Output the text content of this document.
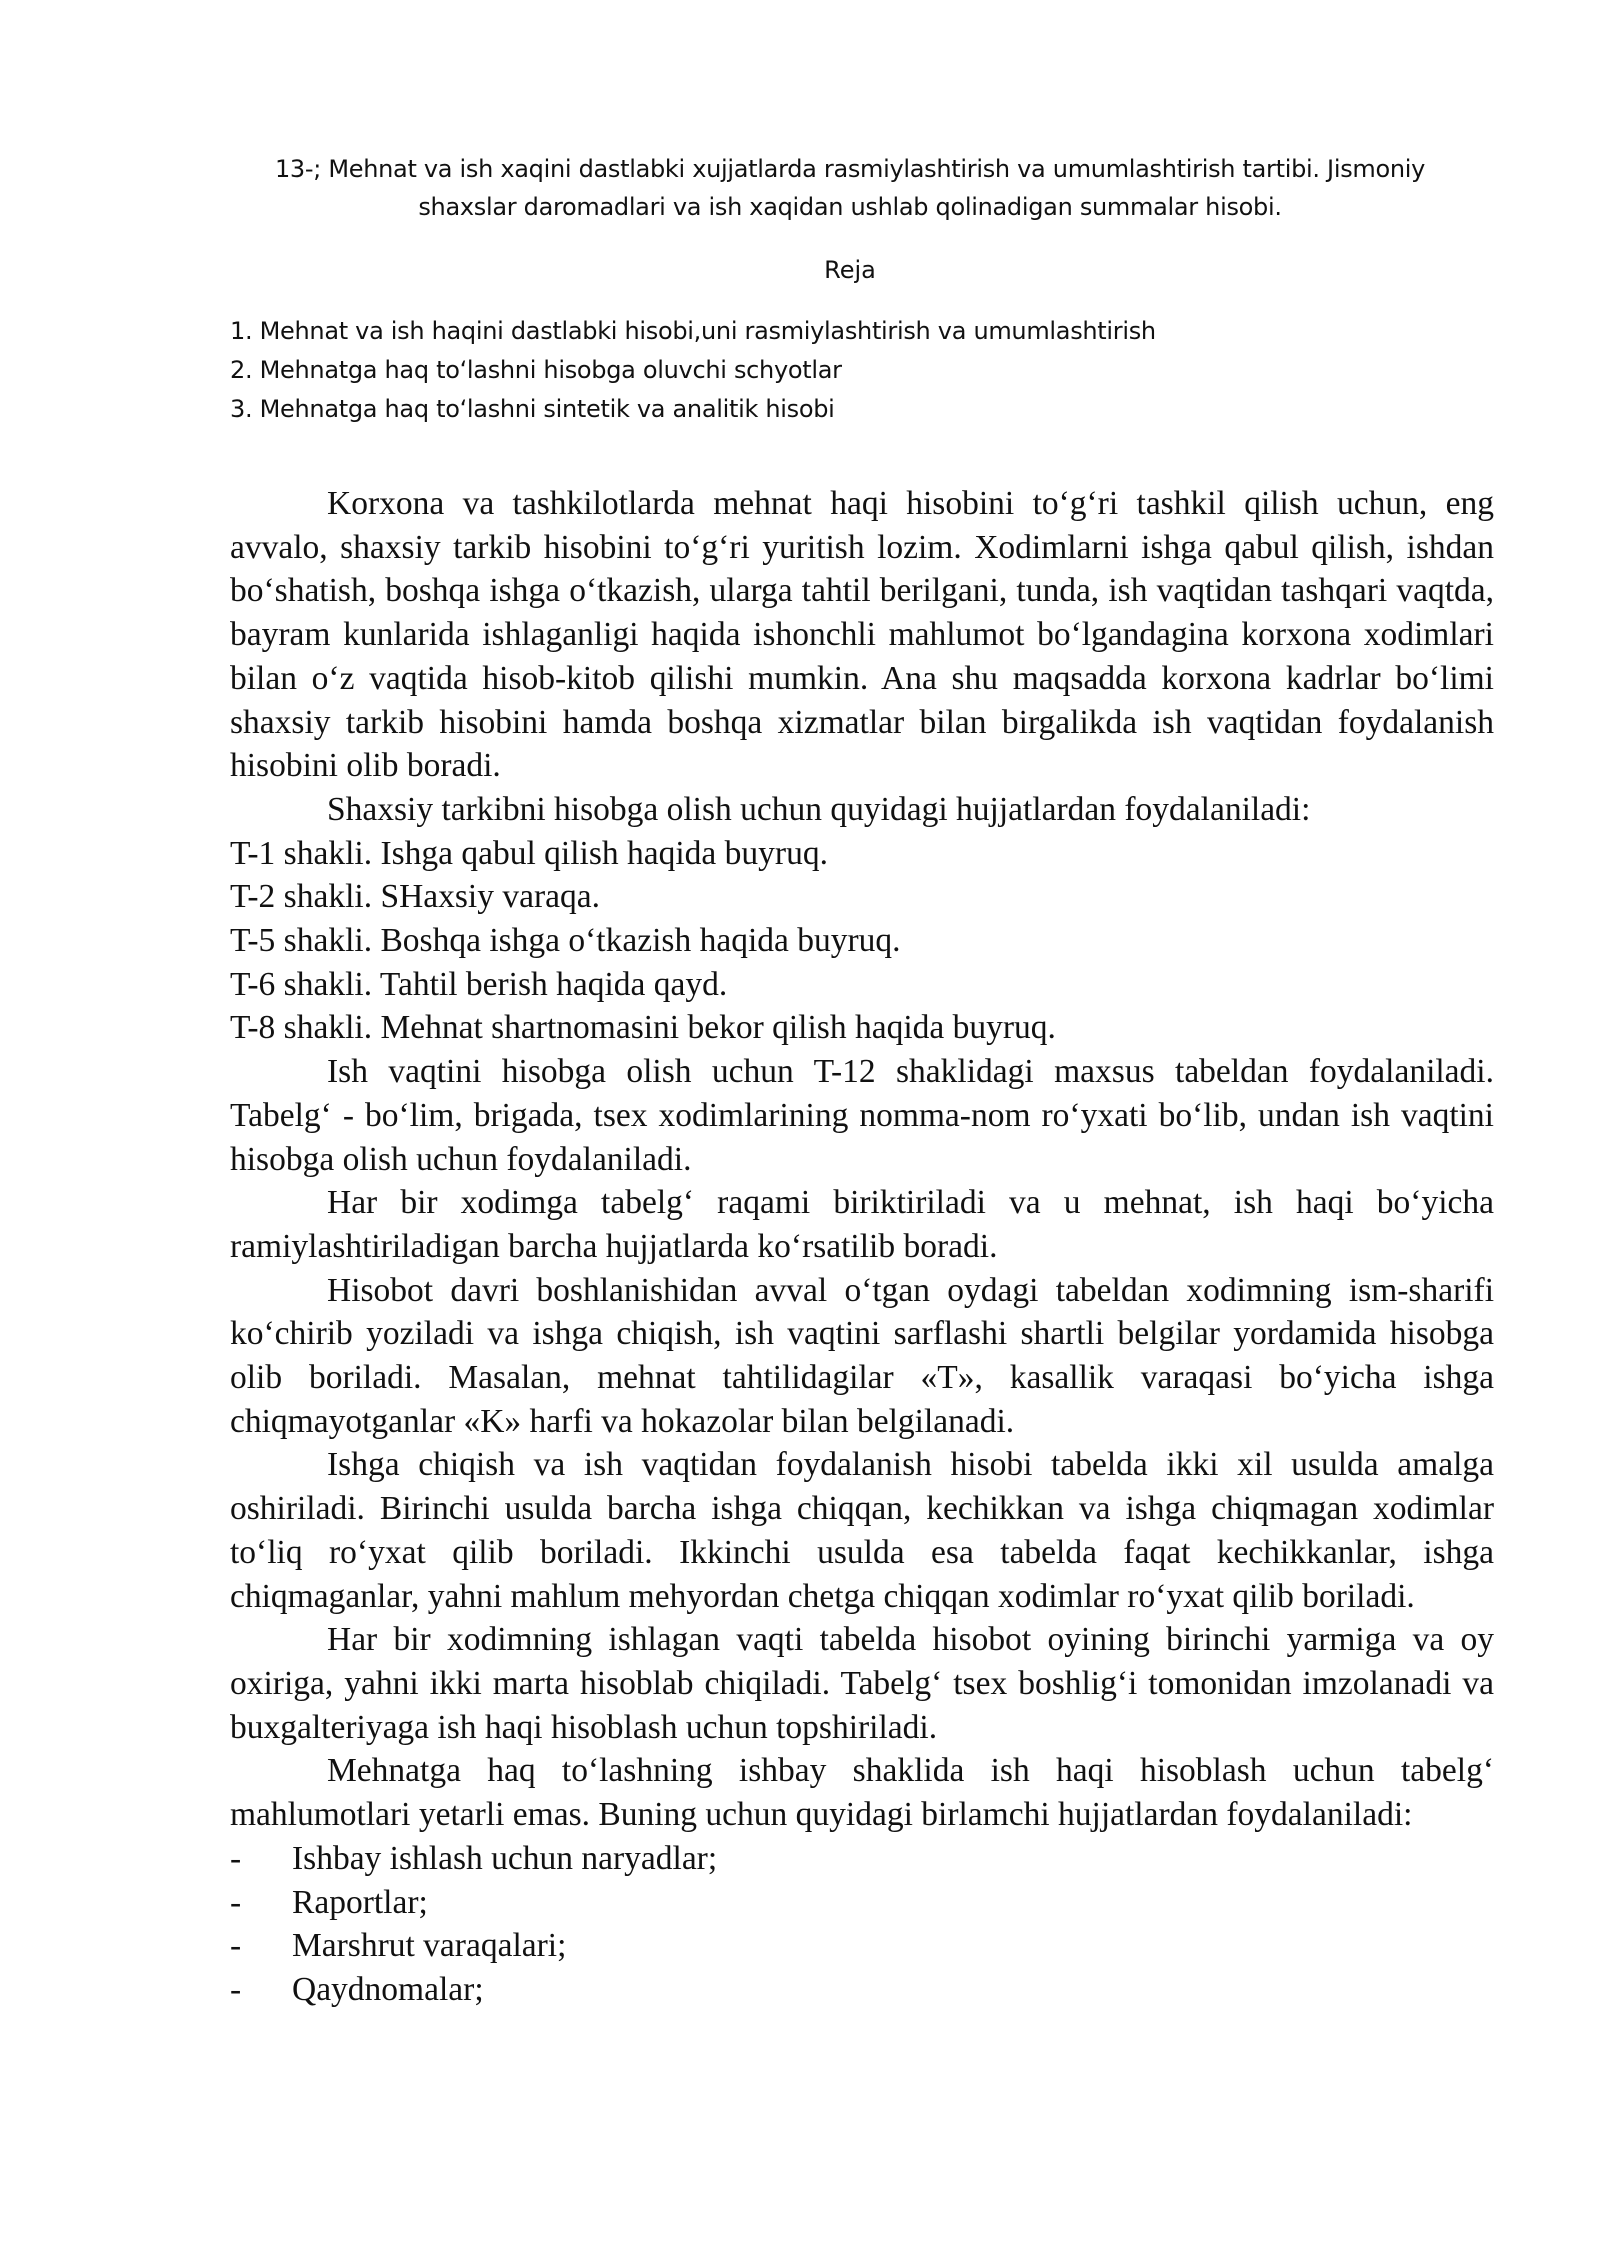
13-; Mehnat va ish xaqini dastlabki xujjatlarda rasmiylashtirish va umumlashtirish tartibi. Jismoniy
shaxslar daromadlari va ish xaqidan ushlab qolinadigan summalar hisobi.
Reja
1. Mehnat va ish haqini dastlabki hisobi,uni rasmiylashtirish va umumlashtirish
2. Mehnatga haq to‘lashni hisobga oluvchi schyotlar
3. Mehnatga haq to‘lashni sintetik va analitik hisobi

Korxona va tashkilotlarda mehnat haqi hisobini to‘g‘ri tashkil qilish uchun, eng avvalo, shaxsiy tarkib hisobini to‘g‘ri yuritish lozim. Xodimlarni ishga qabul qilish, ishdan bo‘shatish, boshqa ishga o‘tkazish, ularga tahtil berilgani, tunda, ish vaqtidan tashqari vaqtda, bayram kunlarida ishlaganligi haqida ishonchli mahlumot bo‘lgandagina korxona xodimlari bilan o‘z vaqtida hisob-kitob qilishi mumkin. Ana shu maqsadda korxona kadrlar bo‘limi shaxsiy tarkib hisobini hamda boshqa xizmatlar bilan birgalikda ish vaqtidan foydalanish hisobini olib boradi.

Shaxsiy tarkibni hisobga olish uchun quyidagi hujjatlardan foydalaniladi:

T-1 shakli. Ishga qabul qilish haqida buyruq.

T-2 shakli. SHaxsiy varaqa.

T-5 shakli. Boshqa ishga o‘tkazish haqida buyruq.

T-6 shakli. Tahtil berish haqida qayd.

T-8 shakli. Mehnat shartnomasini bekor qilish haqida buyruq.

Ish vaqtini hisobga olish uchun T-12 shaklidagi maxsus tabeldan foydalaniladi. Tabelg‘ - bo‘lim, brigada, tsex xodimlarining nomma-nom ro‘yxati bo‘lib, undan ish vaqtini hisobga olish uchun foydalaniladi.

Har bir xodimga tabelg‘ raqami biriktiriladi va u mehnat, ish haqi bo‘yicha ramiylashtiriladigan barcha hujjatlarda ko‘rsatilib boradi.

Hisobot davri boshlanishidan avval o‘tgan oydagi tabeldan xodimning ism-sharifi ko‘chirib yoziladi va ishga chiqish, ish vaqtini sarflashi shartli belgilar yordamida hisobga olib boriladi. Masalan, mehnat tahtilidagilar «T», kasallik varaqasi bo‘yicha ishga chiqmayotganlar «K» harfi va hokazolar bilan belgilanadi.

Ishga chiqish va ish vaqtidan foydalanish hisobi tabelda ikki xil usulda amalga oshiriladi. Birinchi usulda barcha ishga chiqqan, kechikkan va ishga chiqmagan xodimlar to‘liq ro‘yxat qilib boriladi. Ikkinchi usulda esa tabelda faqat kechikkanlar, ishga chiqmaganlar, yahni mahlum mehyordan chetga chiqqan xodimlar ro‘yxat qilib boriladi.

Har bir xodimning ishlagan vaqti tabelda hisobot oyining birinchi yarmiga va oy oxiriga, yahni ikki marta hisoblab chiqiladi. Tabelg‘ tsex boshlig‘i tomonidan imzolanadi va buxgalteriyaga ish haqi hisoblash uchun topshiriladi.

Mehnatga haq to‘lashning ishbay shaklida ish haqi hisoblash uchun tabelg‘ mahlumotlari yetarli emas. Buning uchun quyidagi birlamchi hujjatlardan foydalaniladi:

-	Ishbay ishlash uchun naryadlar;
-	Raportlar;
-	Marshrut varaqalari;
-	Qaydnomalar;
